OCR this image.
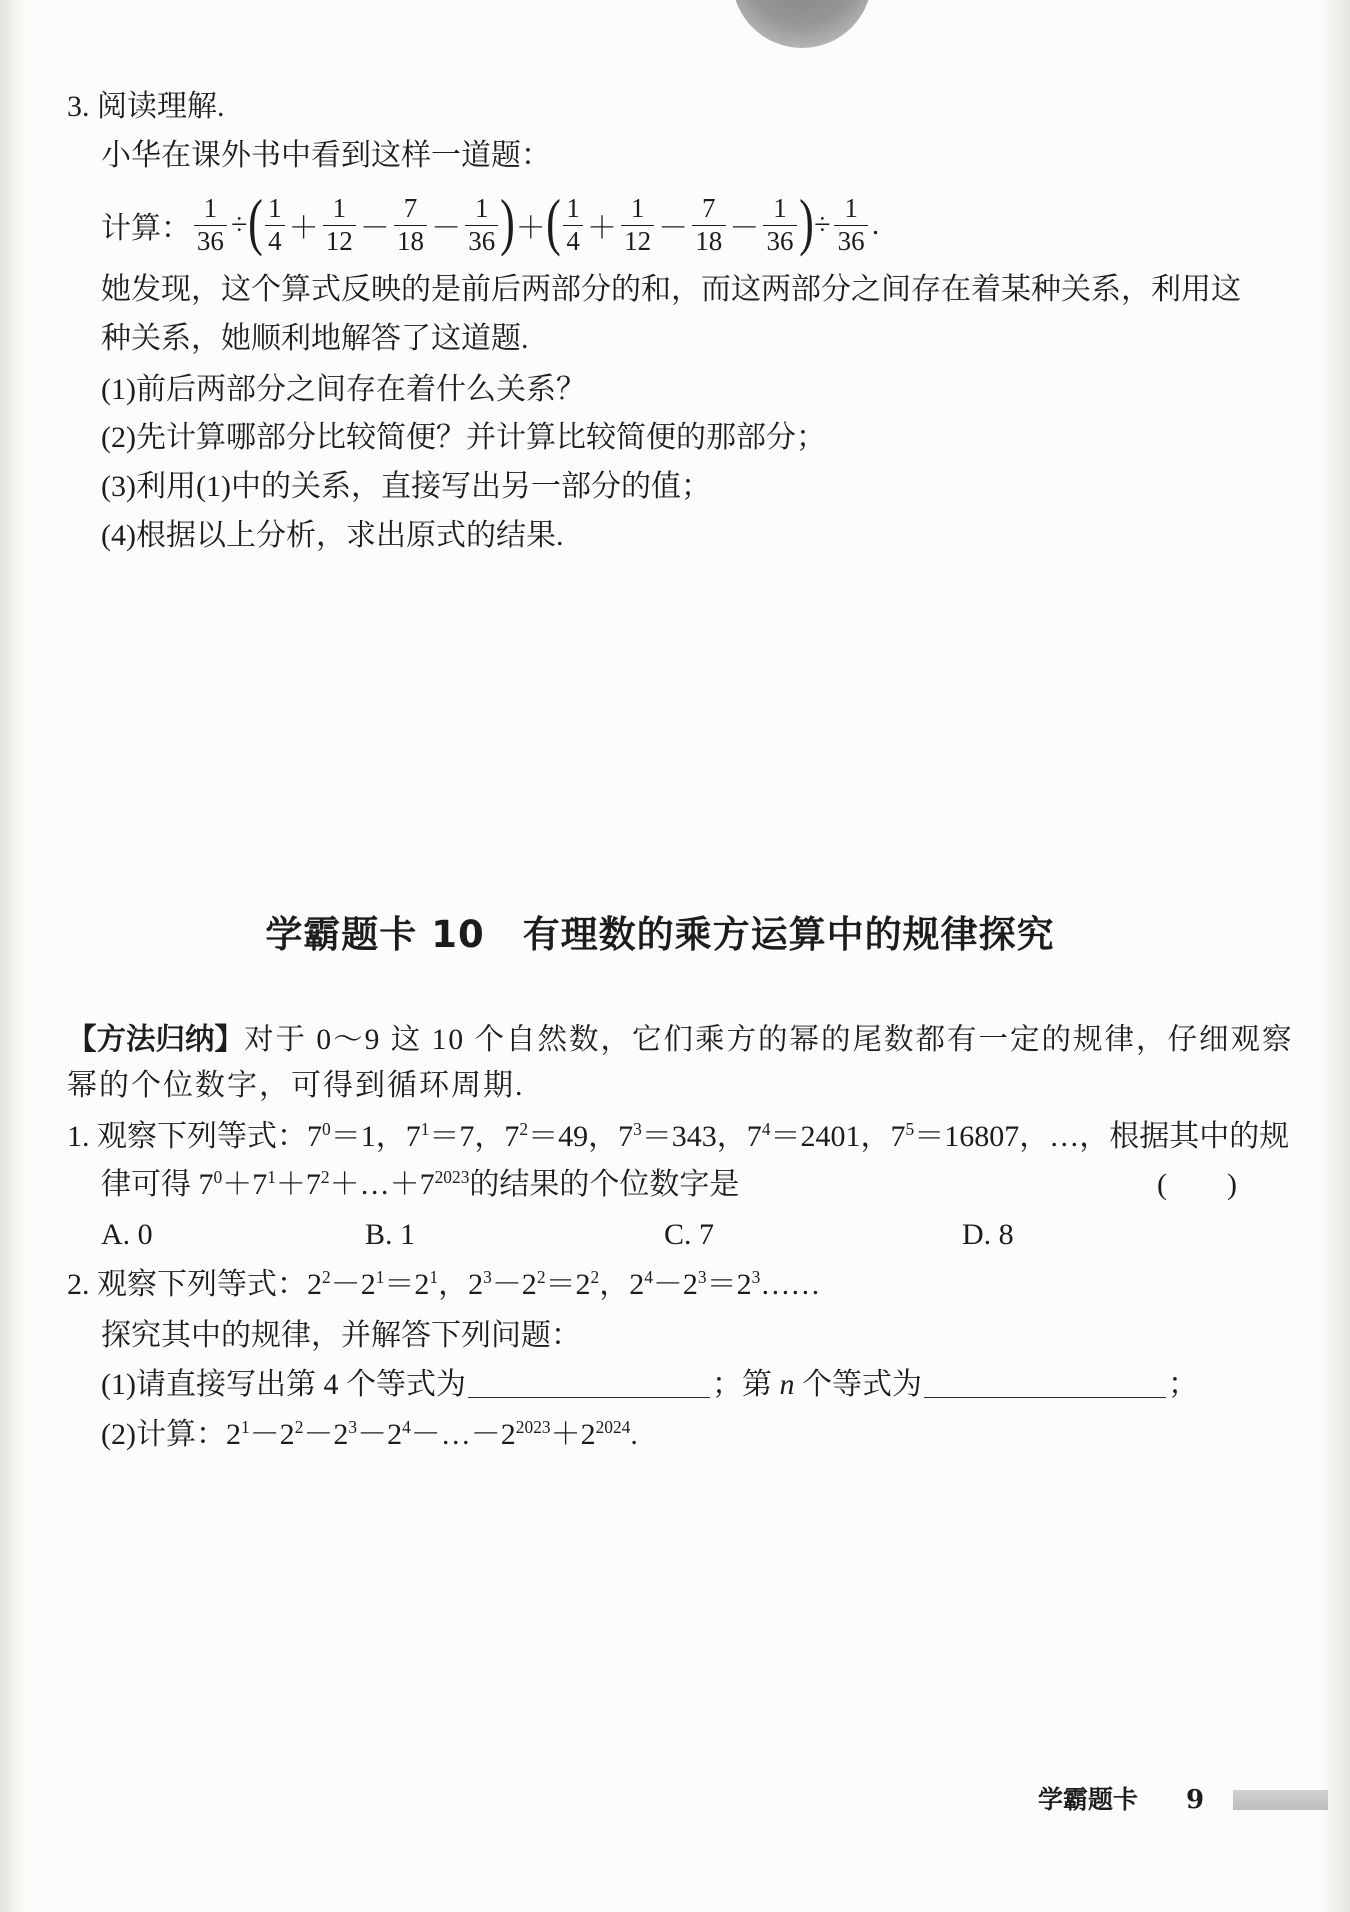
3. 阅读理解.
小华在课外书中看到这样一道题：
计算： $\frac{1}{36}$ ÷ ( $\frac{1}{4} + \frac{1}{12} - \frac{7}{18} - \frac{1}{36}$ ) ＋ ( $\frac{1}{4} + \frac{1}{12} - \frac{7}{18} - \frac{1}{36}$ ) ÷ $\frac{1}{36}$ .
她发现，这个算式反映的是前后两部分的和，而这两部分之间存在着某种关系，利用这
种关系，她顺利地解答了这道题.
(1)前后两部分之间存在着什么关系？
(2)先计算哪部分比较简便？并计算比较简便的那部分；
(3)利用(1)中的关系，直接写出另一部分的值；
(4)根据以上分析，求出原式的结果.
学霸题卡 10 有理数的乘方运算中的规律探究
【方法归纳】对于 0～9 这 10 个自然数，它们乘方的幂的尾数都有一定的规律，仔细观察
幂的个位数字，可得到循环周期.
1. 观察下列等式：$7^0=1$，$7^1=7$，$7^2=49$，$7^3=343$，$7^4=2401$，$7^5=16807$，…，根据其中的规
律可得 $7^0+7^1+7^2+\dots+7^{2023}$的结果的个位数字是	(　　)
A. 0	B. 1	C. 7	D. 8
2. 观察下列等式：$2^2-2^1=2^1$，$2^3-2^2=2^2$，$2^4-2^3=2^3\dots\dots$
探究其中的规律，并解答下列问题：
(1)请直接写出第 4 个等式为	；第 n 个等式为	；
(2)计算：$2^1-2^2-2^3-2^4-\dots-2^{2023}+2^{2024}$.
学霸题卡 9
